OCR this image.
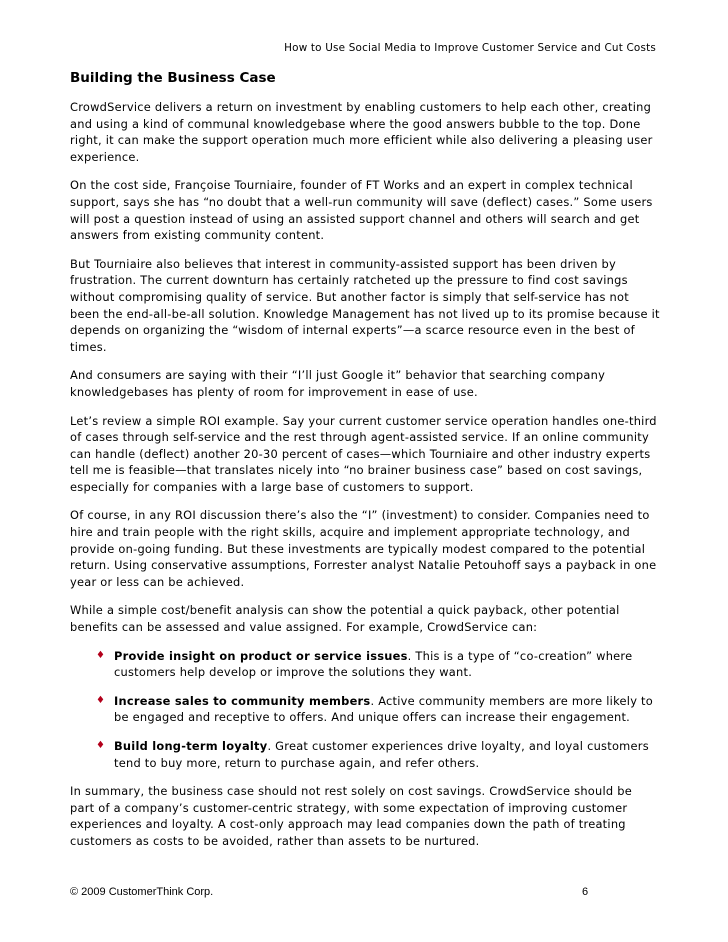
How to Use Social Media to Improve Customer Service and Cut Costs
Building the Business Case

CrowdService delivers a return on investment by enabling customers to help each other, creating and using a kind of communal knowledgebase where the good answers bubble to the top. Done right, it can make the support operation much more efficient while also delivering a pleasing user experience.

On the cost side, Françoise Tourniaire, founder of FT Works and an expert in complex technical support, says she has “no doubt that a well-run community will save (deflect) cases.” Some users will post a question instead of using an assisted support channel and others will search and get answers from existing community content.

But Tourniaire also believes that interest in community-assisted support has been driven by frustration. The current downturn has certainly ratcheted up the pressure to find cost savings without compromising quality of service. But another factor is simply that self-service has not been the end-all-be-all solution. Knowledge Management has not lived up to its promise because it depends on organizing the “wisdom of internal experts”—a scarce resource even in the best of times.

And consumers are saying with their “I’ll just Google it” behavior that searching company knowledgebases has plenty of room for improvement in ease of use.

Let’s review a simple ROI example. Say your current customer service operation handles one-third of cases through self-service and the rest through agent-assisted service. If an online community can handle (deflect) another 20-30 percent of cases—which Tourniaire and other industry experts tell me is feasible—that translates nicely into “no brainer business case” based on cost savings, especially for companies with a large base of customers to support.

Of course, in any ROI discussion there’s also the “I” (investment) to consider. Companies need to hire and train people with the right skills, acquire and implement appropriate technology, and provide on-going funding. But these investments are typically modest compared to the potential return. Using conservative assumptions, Forrester analyst Natalie Petouhoff says a payback in one year or less can be achieved.

While a simple cost/benefit analysis can show the potential a quick payback, other potential benefits can be assessed and value assigned. For example, CrowdService can:

♦ Provide insight on product or service issues. This is a type of “co-creation” where customers help develop or improve the solutions they want.
♦ Increase sales to community members. Active community members are more likely to be engaged and receptive to offers. And unique offers can increase their engagement.
♦ Build long-term loyalty. Great customer experiences drive loyalty, and loyal customers tend to buy more, return to purchase again, and refer others.

In summary, the business case should not rest solely on cost savings. CrowdService should be part of a company’s customer-centric strategy, with some expectation of improving customer experiences and loyalty. A cost-only approach may lead companies down the path of treating customers as costs to be avoided, rather than assets to be nurtured.

© 2009 CustomerThink Corp.	6
